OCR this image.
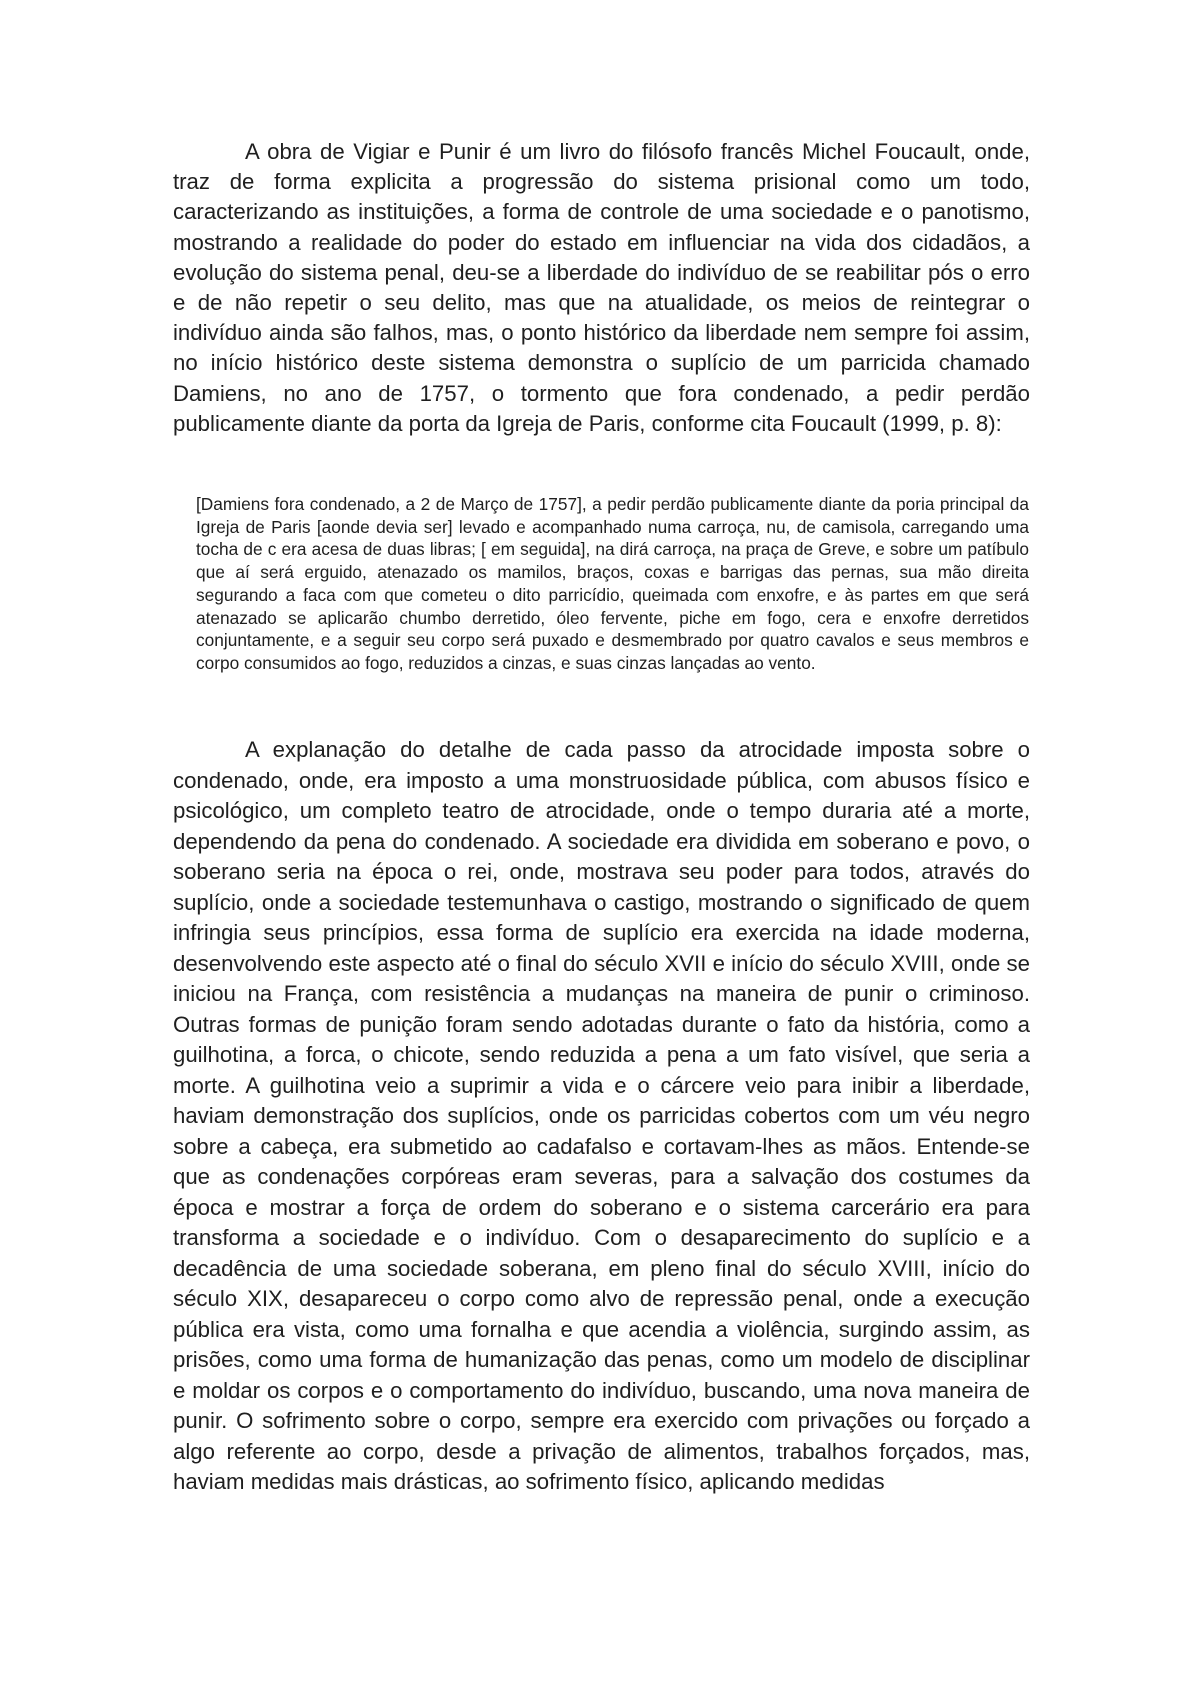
A obra de Vigiar e Punir é um livro do filósofo francês Michel Foucault, onde, traz de forma explicita a progressão do sistema prisional como um todo, caracterizando as instituições, a forma de controle de uma sociedade e o panotismo, mostrando a realidade do poder do estado em influenciar na vida dos cidadãos, a evolução do sistema penal, deu-se a liberdade do indivíduo de se reabilitar pós o erro e de não repetir o seu delito, mas que na atualidade, os meios de reintegrar o indivíduo ainda são falhos, mas, o ponto histórico da liberdade nem sempre foi assim, no início histórico deste sistema demonstra o suplício de um parricida chamado Damiens, no ano de 1757, o tormento que fora condenado, a pedir perdão publicamente diante da porta da Igreja de Paris, conforme cita Foucault (1999, p. 8):

[Damiens fora condenado, a 2 de Março de 1757], a pedir perdão publicamente diante da poria principal da Igreja de Paris [aonde devia ser] levado e acompanhado numa carroça, nu, de camisola, carregando uma tocha de c era acesa de duas libras; [ em seguida], na dirá carroça, na praça de Greve, e sobre um patíbulo que aí será erguido, atenazado os mamilos, braços, coxas e barrigas das pernas, sua mão direita segurando a faca com que cometeu o dito parricídio, queimada com enxofre, e às partes em que será atenazado se aplicarão chumbo derretido, óleo fervente, piche em fogo, cera e enxofre derretidos conjuntamente, e a seguir seu corpo será puxado e desmembrado por quatro cavalos e seus membros e corpo consumidos ao fogo, reduzidos a cinzas, e suas cinzas lançadas ao vento.

A explanação do detalhe de cada passo da atrocidade imposta sobre o condenado, onde, era imposto a uma monstruosidade pública, com abusos físico e psicológico, um completo teatro de atrocidade, onde o tempo duraria até a morte, dependendo da pena do condenado. A sociedade era dividida em soberano e povo, o soberano seria na época o rei, onde, mostrava seu poder para todos, através do suplício, onde a sociedade testemunhava o castigo, mostrando o significado de quem infringia seus princípios, essa forma de suplício era exercida na idade moderna, desenvolvendo este aspecto até o final do século XVII e início do século XVIII, onde se iniciou na França, com resistência a mudanças na maneira de punir o criminoso. Outras formas de punição foram sendo adotadas durante o fato da história, como a guilhotina, a forca, o chicote, sendo reduzida a pena a um fato visível, que seria a morte. A guilhotina veio a suprimir a vida e o cárcere veio para inibir a liberdade, haviam demonstração dos suplícios, onde os parricidas cobertos com um véu negro sobre a cabeça, era submetido ao cadafalso e cortavam-lhes as mãos. Entende-se que as condenações corpóreas eram severas, para a salvação dos costumes da época e mostrar a força de ordem do soberano e o sistema carcerário era para transforma a sociedade e o indivíduo. Com o desaparecimento do suplício e a decadência de uma sociedade soberana, em pleno final do século XVIII, início do século XIX, desapareceu o corpo como alvo de repressão penal, onde a execução pública era vista, como uma fornalha e que acendia a violência, surgindo assim, as prisões, como uma forma de humanização das penas, como um modelo de disciplinar e moldar os corpos e o comportamento do indivíduo, buscando, uma nova maneira de punir. O sofrimento sobre o corpo, sempre era exercido com privações ou forçado a algo referente ao corpo, desde a privação de alimentos, trabalhos forçados, mas, haviam medidas mais drásticas, ao sofrimento físico, aplicando medidas
